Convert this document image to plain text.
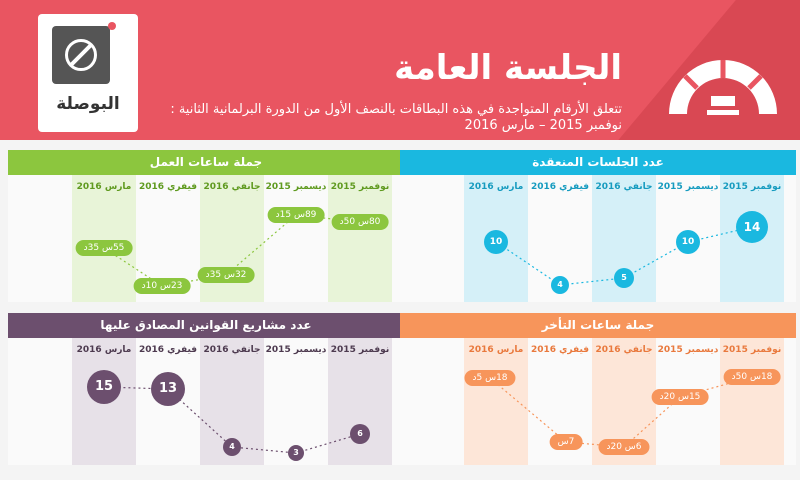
البوصلة
الجلسة العامة
تتعلق الأرقام المتواجدة في هذه البطاقات بالنصف الأول من الدورة البرلمانية الثانية :
نوفمبر 2015 – مارس 2016
جملة ساعات العمل
نوفمبر 2015
ديسمبر 2015
جانفي 2016
فيفري 2016
مارس 2016
80س 50د
89س 15د
32س 35د
23س 10د
55س 35د
عدد الجلسات المنعقدة
نوفمبر 2015
ديسمبر 2015
جانفي 2016
فيفري 2016
مارس 2016
14
10
5
4
10
عدد مشاريع القوانين المصادق عليها
نوفمبر 2015
ديسمبر 2015
جانفي 2016
فيفري 2016
مارس 2016
6
3
4
13
15
جملة ساعات التأخر
نوفمبر 2015
ديسمبر 2015
جانفي 2016
فيفري 2016
مارس 2016
18س 50د
15س 20د
6س 20د
7س
18س 5د
